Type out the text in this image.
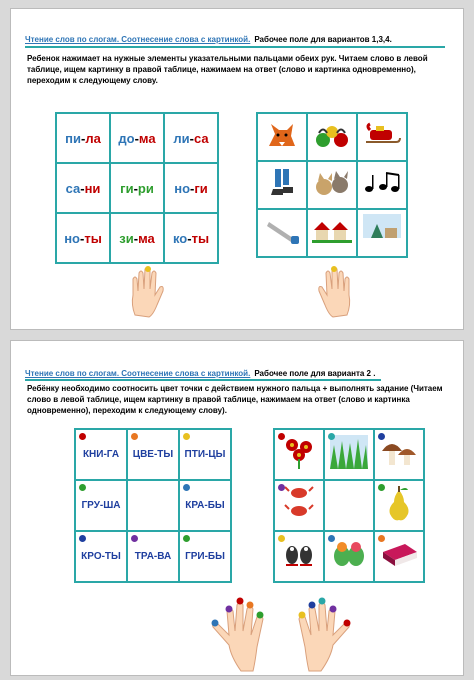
Чтение слов по слогам. Соотнесение слова с картинкой. Рабочее поле для вариантов 1,3,4.
Ребенок нажимает на нужные элементы указательными пальцами обеих рук. Читаем слово в левой таблице, ищем картинку в правой таблице, нажимаем на ответ (слово и картинка одновременно), переходим к следующему слову.
пи-ла	до-ма	ли-са
са-ни	ги-ри	но-ги
но-ты	зи-ма	ко-ты

Чтение слов по слогам. Соотнесение слова с картинкой. Рабочее поле для варианта 2 .
Ребёнку необходимо соотносить цвет точки с действием нужного пальца + выполнять задание (Читаем слово в левой таблице, ищем картинку в правой таблице, нажимаем на ответ (слово и картинка одновременно), переходим к следующему слову).
КНИ-ГА	ЦВЕ-ТЫ	ПТИ-ЦЫ

ГРУ-ША		КРА-БЫ

КРО-ТЫ	ТРА-ВА	ГРИ-БЫ
